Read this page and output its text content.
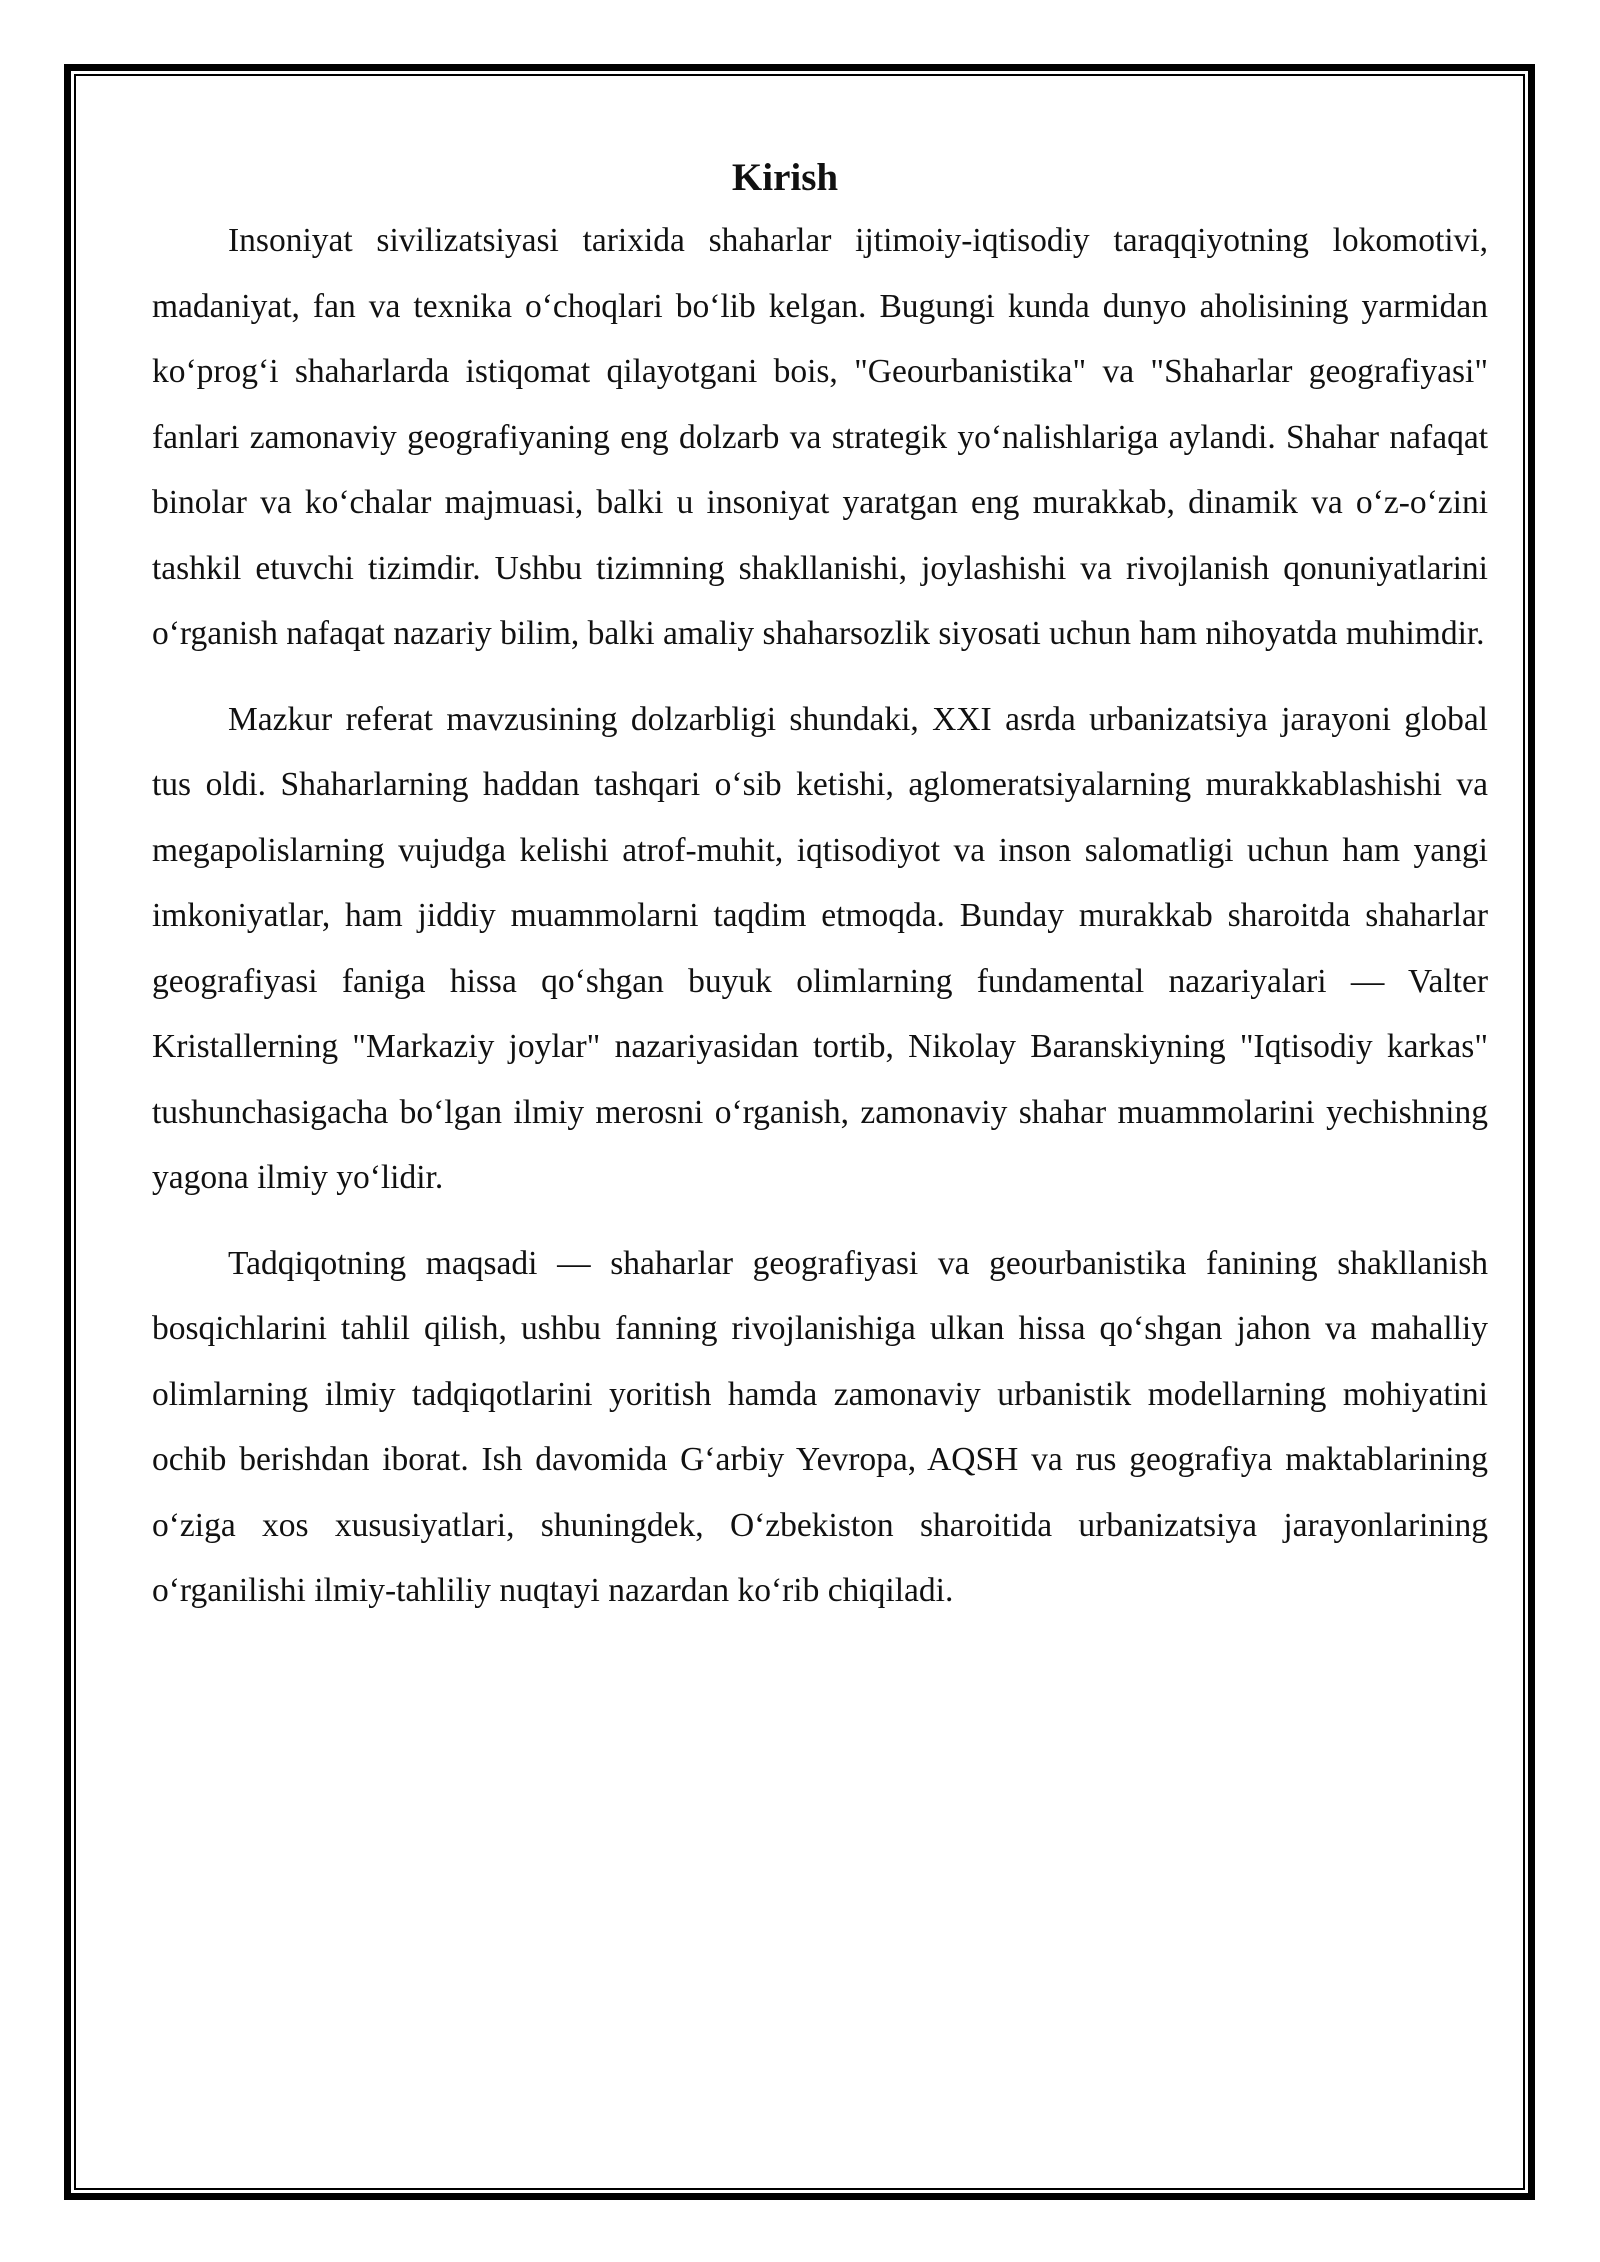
Kirish

Insoniyat sivilizatsiyasi tarixida shaharlar ijtimoiy-iqtisodiy taraqqiyotning lokomotivi, madaniyat, fan va texnika o‘choqlari bo‘lib kelgan. Bugungi kunda dunyo aholisining yarmidan ko‘prog‘i shaharlarda istiqomat qilayotgani bois, "Geourbanistika" va "Shaharlar geografiyasi" fanlari zamonaviy geografiyaning eng dolzarb va strategik yo‘nalishlariga aylandi. Shahar nafaqat binolar va ko‘chalar majmuasi, balki u insoniyat yaratgan eng murakkab, dinamik va o‘z-o‘zini tashkil etuvchi tizimdir. Ushbu tizimning shakllanishi, joylashishi va rivojlanish qonuniyatlarini o‘rganish nafaqat nazariy bilim, balki amaliy shaharsozlik siyosati uchun ham nihoyatda muhimdir.

Mazkur referat mavzusining dolzarbligi shundaki, XXI asrda urbanizatsiya jarayoni global tus oldi. Shaharlarning haddan tashqari o‘sib ketishi, aglomeratsiyalarning murakkablashishi va megapolislarning vujudga kelishi atrof-muhit, iqtisodiyot va inson salomatligi uchun ham yangi imkoniyatlar, ham jiddiy muammolarni taqdim etmoqda. Bunday murakkab sharoitda shaharlar geografiyasi faniga hissa qo‘shgan buyuk olimlarning fundamental nazariyalari — Valter Kristallerning "Markaziy joylar" nazariyasidan tortib, Nikolay Baranskiyning "Iqtisodiy karkas" tushunchasigacha bo‘lgan ilmiy merosni o‘rganish, zamonaviy shahar muammolarini yechishning yagona ilmiy yo‘lidir.

Tadqiqotning maqsadi — shaharlar geografiyasi va geourbanistika fanining shakllanish bosqichlarini tahlil qilish, ushbu fanning rivojlanishiga ulkan hissa qo‘shgan jahon va mahalliy olimlarning ilmiy tadqiqotlarini yoritish hamda zamonaviy urbanistik modellarning mohiyatini ochib berishdan iborat. Ish davomida G‘arbiy Yevropa, AQSH va rus geografiya maktablarining o‘ziga xos xususiyatlari, shuningdek, O‘zbekiston sharoitida urbanizatsiya jarayonlarining o‘rganilishi ilmiy-tahliliy nuqtayi nazardan ko‘rib chiqiladi.
